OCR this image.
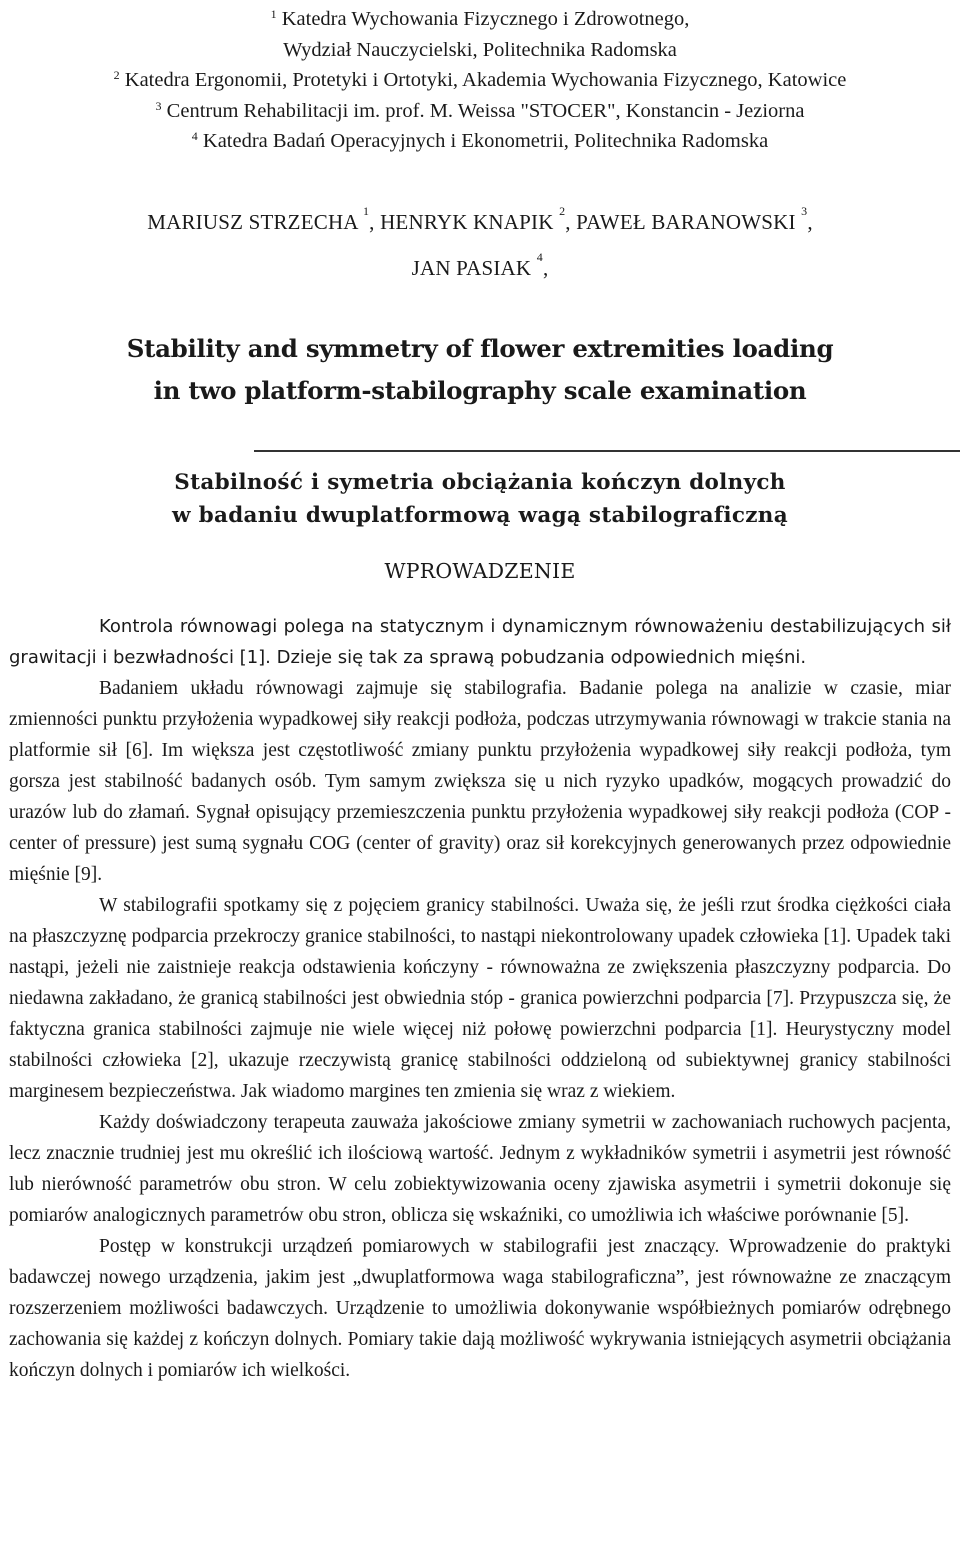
$^1$ Katedra Wychowania Fizycznego i Zdrowotnego,
Wydział Nauczycielski, Politechnika Radomska
$^2$ Katedra Ergonomii, Protetyki i Ortotyki, Akademia Wychowania Fizycznego, Katowice
$^3$ Centrum Rehabilitacji im. prof. M. Weissa "STOCER", Konstancin - Jeziorna
$^4$ Katedra Badań Operacyjnych i Ekonometrii, Politechnika Radomska
MARIUSZ STRZECHA $^1$, HENRYK KNAPIK $^2$, PAWEŁ BARANOWSKI $^3$,
JAN PASIAK $^4$,
Stability and symmetry of flower extremities loading
in two platform-stabilography scale examination
Stabilność i symetria obciążania kończyn dolnych
w badaniu dwuplatformową wagą stabilograficzną
WPROWADZENIE

Kontrola równowagi polega na statycznym i dynamicznym równoważeniu destabilizujących sił grawitacji i bezwładności [1]. Dzieje się tak za sprawą pobudzania odpowiednich mięśni.

Badaniem układu równowagi zajmuje się stabilografia. Badanie polega na analizie w czasie, miar zmienności punktu przyłożenia wypadkowej siły reakcji podłoża, podczas utrzymywania równowagi w trakcie stania na platformie sił [6]. Im większa jest częstotliwość zmiany punktu przyłożenia wypadkowej siły reakcji podłoża, tym gorsza jest stabilność badanych osób. Tym samym zwiększa się u nich ryzyko upadków, mogących prowadzić do urazów lub do złamań. Sygnał opisujący przemieszczenia punktu przyłożenia wypadkowej siły reakcji podłoża (COP - center of pressure) jest sumą sygnału COG (center of gravity) oraz sił korekcyjnych generowanych przez odpowiednie mięśnie [9].

W stabilografii spotkamy się z pojęciem granicy stabilności. Uważa się, że jeśli rzut środka ciężkości ciała na płaszczyznę podparcia przekroczy granice stabilności, to nastąpi niekontrolowany upadek człowieka [1]. Upadek taki nastąpi, jeżeli nie zaistnieje reakcja odstawienia kończyny - równoważna ze zwiększenia płaszczyzny podparcia. Do niedawna zakładano, że granicą stabilności jest obwiednia stóp - granica powierzchni podparcia [7]. Przypuszcza się, że faktyczna granica stabilności zajmuje nie wiele więcej niż połowę powierzchni podparcia [1]. Heurystyczny model stabilności człowieka [2], ukazuje rzeczywistą granicę stabilności oddzieloną od subiektywnej granicy stabilności marginesem bezpieczeństwa. Jak wiadomo margines ten zmienia się wraz z wiekiem.

Każdy doświadczony terapeuta zauważa jakościowe zmiany symetrii w zachowaniach ruchowych pacjenta, lecz znacznie trudniej jest mu określić ich ilościową wartość. Jednym z wykładników symetrii i asymetrii jest równość lub nierówność parametrów obu stron. W celu zobiektywizowania oceny zjawiska asymetrii i symetrii dokonuje się pomiarów analogicznych parametrów obu stron, oblicza się wskaźniki, co umożliwia ich właściwe porównanie [5].

Postęp w konstrukcji urządzeń pomiarowych w stabilografii jest znaczący. Wprowadzenie do praktyki badawczej nowego urządzenia, jakim jest „dwuplatformowa waga stabilograficzna”, jest równoważne ze znaczącym rozszerzeniem możliwości badawczych. Urządzenie to umożliwia dokonywanie współbieżnych pomiarów odrębnego zachowania się każdej z kończyn dolnych. Pomiary takie dają możliwość wykrywania istniejących asymetrii obciążania kończyn dolnych i pomiarów ich wielkości.
